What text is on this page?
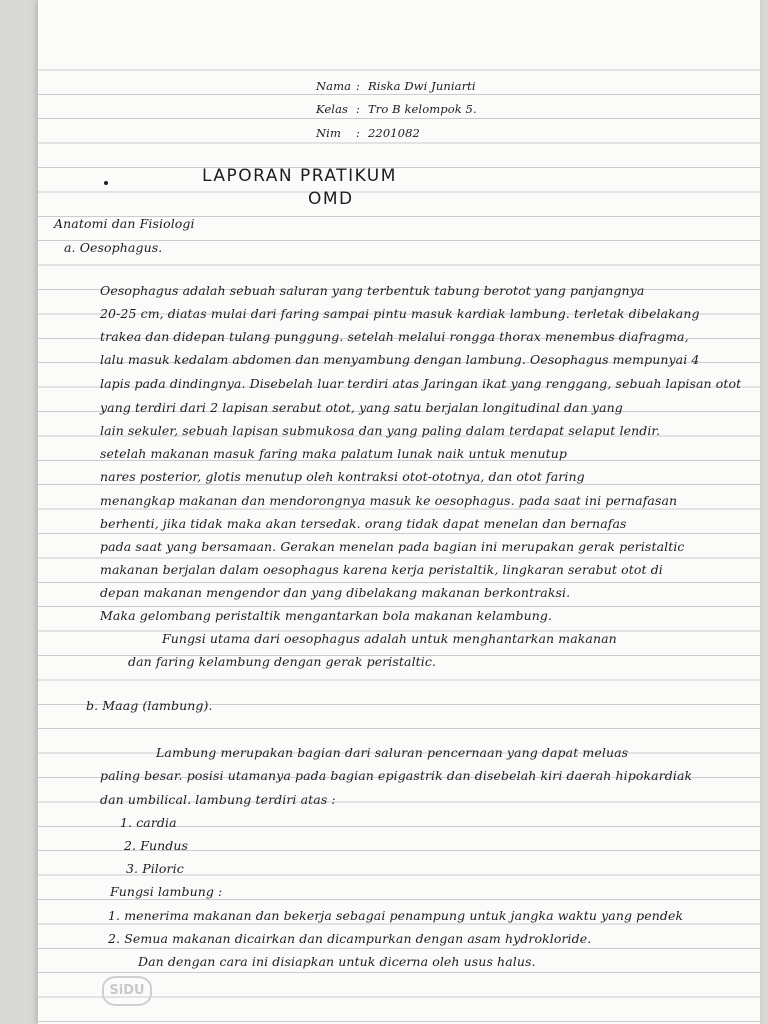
Nama : Riska Dwi Juniarti
Kelas : Tro B kelompok 5.
Nim : 2201082
LAPORAN PRATIKUM
OMD
Anatomi dan Fisiologi
a. Oesophagus.
Oesophagus adalah sebuah saluran yang terbentuk tabung berotot yang panjangnya
20-25 cm, diatas mulai dari faring sampai pintu masuk kardiak lambung. terletak dibelakang
trakea dan didepan tulang punggung. setelah melalui rongga thorax menembus diafragma,
lalu masuk kedalam abdomen dan menyambung dengan lambung. Oesophagus mempunyai 4
lapis pada dindingnya. Disebelah luar terdiri atas Jaringan ikat yang renggang, sebuah lapisan otot
yang terdiri dari 2 lapisan serabut otot, yang satu berjalan longitudinal dan yang
lain sekuler, sebuah lapisan submukosa dan yang paling dalam terdapat selaput lendir.
setelah makanan masuk faring maka palatum lunak naik untuk menutup
nares posterior, glotis menutup oleh kontraksi otot-ototnya, dan otot faring
menangkap makanan dan mendorongnya masuk ke oesophagus. pada saat ini pernafasan
berhenti, jika tidak maka akan tersedak. orang tidak dapat menelan dan bernafas
pada saat yang bersamaan. Gerakan menelan pada bagian ini merupakan gerak peristaltic
makanan berjalan dalam oesophagus karena kerja peristaltik, lingkaran serabut otot di
depan makanan mengendor dan yang dibelakang makanan berkontraksi.
Maka gelombang peristaltik mengantarkan bola makanan kelambung.
Fungsi utama dari oesophagus adalah untuk menghantarkan makanan
dan faring kelambung dengan gerak peristaltic.
b. Maag (lambung).
Lambung merupakan bagian dari saluran pencernaan yang dapat meluas
paling besar. posisi utamanya pada bagian epigastrik dan disebelah kiri daerah hipokardiak
dan umbilical. lambung terdiri atas :
1. cardia
2. Fundus
3. Piloric
Fungsi lambung :
1. menerima makanan dan bekerja sebagai penampung untuk jangka waktu yang pendek
2. Semua makanan dicairkan dan dicampurkan dengan asam hydrokloride.
Dan dengan cara ini disiapkan untuk dicerna oleh usus halus.
SiDU
